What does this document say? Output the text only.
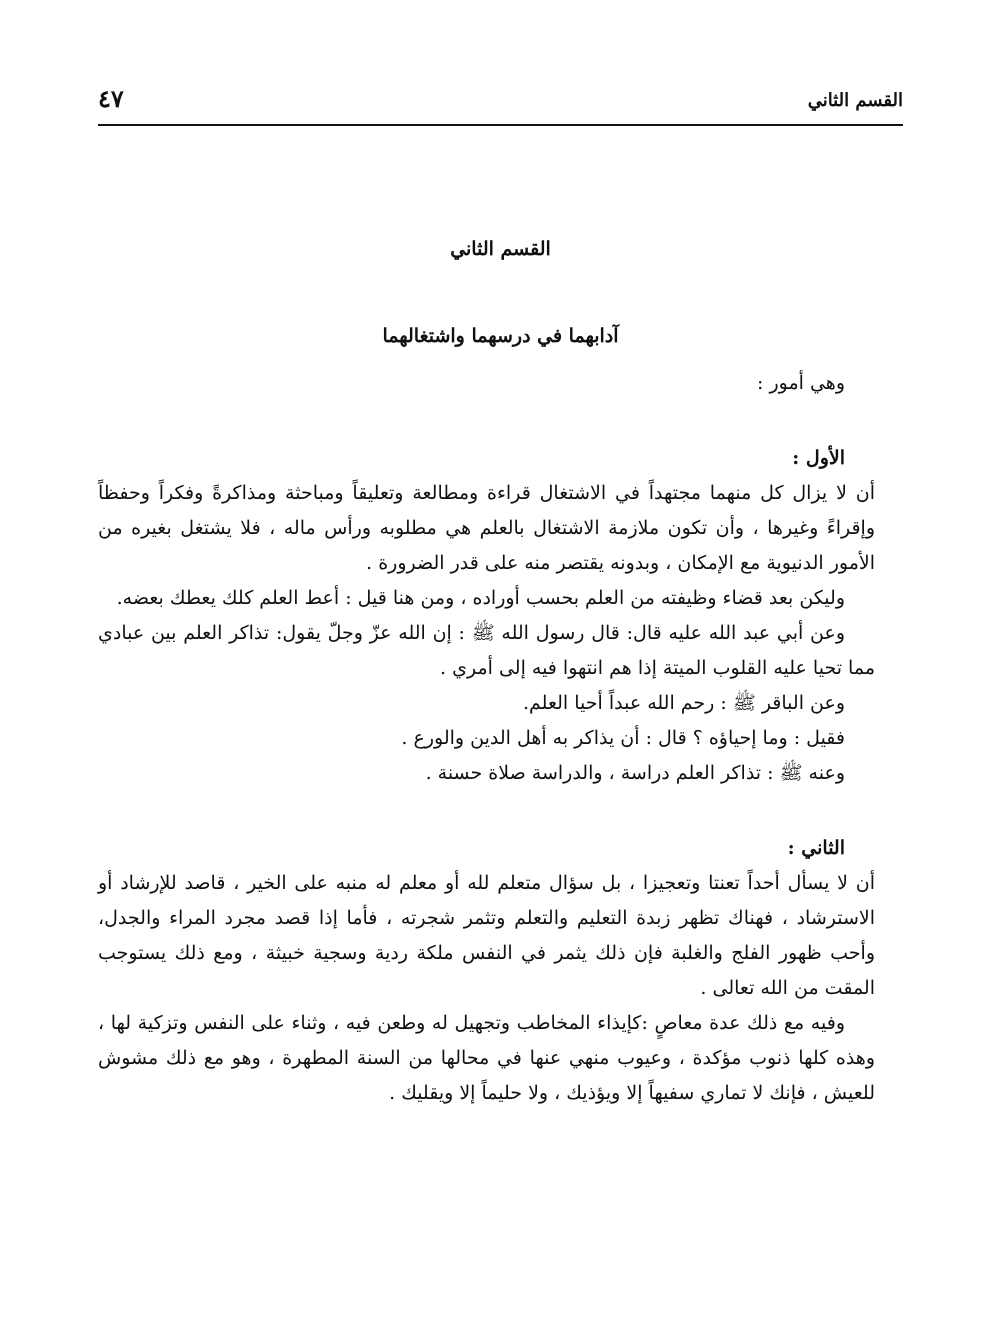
القسم الثاني
٤٧
القسم الثاني
آدابهما في درسهما واشتغالهما

وهي أمور :

الأول :

أن لا يزال كل منهما مجتهداً في الاشتغال قراءة ومطالعة وتعليقاً ومباحثة ومذاكرةً وفكراً وحفظاً وإقراءً وغيرها ، وأن تكون ملازمة الاشتغال بالعلم هي مطلوبه ورأس ماله ، فلا يشتغل بغيره من الأمور الدنيوية مع الإمكان ، وبدونه يقتصر منه على قدر الضرورة .

وليكن بعد قضاء وظيفته من العلم بحسب أوراده ، ومن هنا قيل : أعط العلم كلك يعطك بعضه.

وعن أبي عبد الله عليه قال: قال رسول الله ﷺ : إن الله عزّ وجلّ يقول: تذاكر العلم بين عبادي مما تحيا عليه القلوب الميتة إذا هم انتهوا فيه إلى أمري .

وعن الباقر ﷺ : رحم الله عبداً أحيا العلم.

فقيل : وما إحياؤه ؟ قال : أن يذاكر به أهل الدين والورع .

وعنه ﷺ : تذاكر العلم دراسة ، والدراسة صلاة حسنة .

الثاني :

أن لا يسأل أحداً تعنتا وتعجيزا ، بل سؤال متعلم لله أو معلم له منبه على الخير ، قاصد للإرشاد أو الاسترشاد ، فهناك تظهر زبدة التعليم والتعلم وتثمر شجرته ، فأما إذا قصد مجرد المراء والجدل، وأحب ظهور الفلج والغلبة فإن ذلك يثمر في النفس ملكة ردية وسجية خبيثة ، ومع ذلك يستوجب المقت من الله تعالى .

وفيه مع ذلك عدة معاصٍ :كإيذاء المخاطب وتجهيل له وطعن فيه ، وثناء على النفس وتزكية لها ، وهذه كلها ذنوب مؤكدة ، وعيوب منهي عنها في محالها من السنة المطهرة ، وهو مع ذلك مشوش للعيش ، فإنك لا تماري سفيهاً إلا ويؤذيك ، ولا حليماً إلا ويقليك .
